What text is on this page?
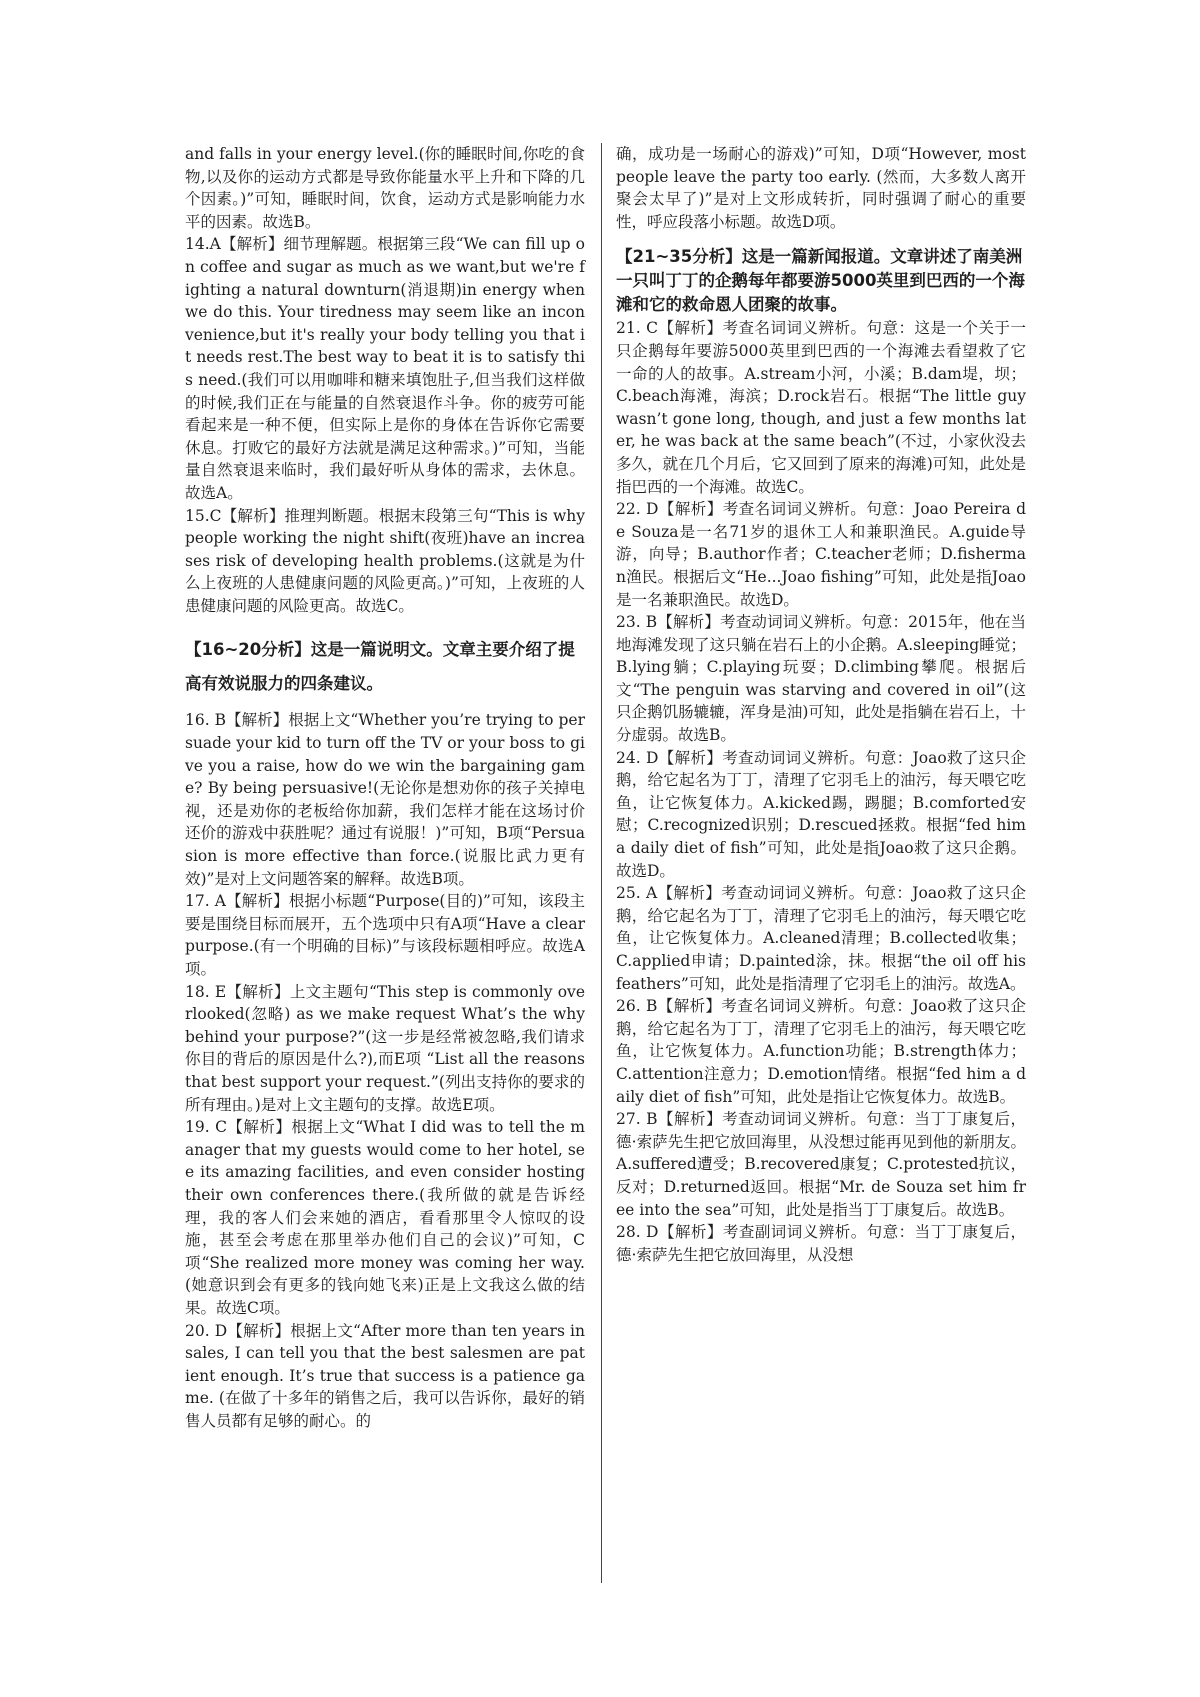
and falls in your energy level.(你的睡眠时间,你吃的食物,以及你的运动方式都是导致你能量水平上升和下降的几个因素。)”可知，睡眠时间，饮食，运动方式是影响能力水平的因素。故选B。

14.A【解析】细节理解题。根据第三段“We can fill up on coffee and sugar as much as we want,but we're fighting a natural downturn(消退期)in energy when we do this. Your tiredness may seem like an inconvenience,but it's really your body telling you that it needs rest.The best way to beat it is to satisfy this need.(我们可以用咖啡和糖来填饱肚子,但当我们这样做的时候,我们正在与能量的自然衰退作斗争。你的疲劳可能看起来是一种不便，但实际上是你的身体在告诉你它需要休息。打败它的最好方法就是满足这种需求。)”可知，当能量自然衰退来临时，我们最好听从身体的需求，去休息。故选A。

15.C【解析】推理判断题。根据末段第三句“This is why people working the night shift(夜班)have an increases risk of developing health problems.(这就是为什么上夜班的人患健康问题的风险更高。)”可知，上夜班的人患健康问题的风险更高。故选C。

【16~20分析】这是一篇说明文。文章主要介绍了提高有效说服力的四条建议。

16. B【解析】根据上文“Whether you’re trying to persuade your kid to turn off the TV or your boss to give you a raise, how do we win the bargaining game? By being persuasive!(无论你是想劝你的孩子关掉电视，还是劝你的老板给你加薪，我们怎样才能在这场讨价还价的游戏中获胜呢？通过有说服！)”可知，B项“Persuasion is more effective than force.(说服比武力更有效)”是对上文问题答案的解释。故选B项。

17. A【解析】根据小标题“Purpose(目的)”可知，该段主要是围绕目标而展开，五个选项中只有A项“Have a clear purpose.(有一个明确的目标)”与该段标题相呼应。故选A项。

18. E【解析】上文主题句“This step is commonly overlooked(忽略) as we make request What’s the why behind your purpose?”(这一步是经常被忽略,我们请求你目的背后的原因是什么?),而E项 “List all the reasons that best support your request.”(列出支持你的要求的所有理由。)是对上文主题句的支撑。故选E项。

19. C【解析】根据上文“What I did was to tell the manager that my guests would come to her hotel, see its amazing facilities, and even consider hosting their own conferences there.(我所做的就是告诉经理，我的客人们会来她的酒店，看看那里令人惊叹的设施，甚至会考虑在那里举办他们自己的会议)”可知，C项“She realized more money was coming her way. (她意识到会有更多的钱向她飞来)正是上文我这么做的结果。故选C项。

20. D【解析】根据上文“After more than ten years in sales, I can tell you that the best salesmen are patient enough. It’s true that success is a patience game. (在做了十多年的销售之后，我可以告诉你，最好的销售人员都有足够的耐心。的

确，成功是一场耐心的游戏)”可知，D项“However, most people leave the party too early. (然而，大多数人离开聚会太早了)”是对上文形成转折，同时强调了耐心的重要性，呼应段落小标题。故选D项。

【21~35分析】这是一篇新闻报道。文章讲述了南美洲一只叫丁丁的企鹅每年都要游5000英里到巴西的一个海滩和它的救命恩人团聚的故事。

21. C【解析】考查名词词义辨析。句意：这是一个关于一只企鹅每年要游5000英里到巴西的一个海滩去看望救了它一命的人的故事。A.stream小河，小溪；B.dam堤，坝；C.beach海滩，海滨；D.rock岩石。根据“The little guy wasn’t gone long, though, and just a few months later, he was back at the same beach”(不过，小家伙没去多久，就在几个月后，它又回到了原来的海滩)可知，此处是指巴西的一个海滩。故选C。

22. D【解析】考查名词词义辨析。句意：Joao Pereira de Souza是一名71岁的退休工人和兼职渔民。A.guide导游，向导；B.author作者；C.teacher老师；D.fisherman渔民。根据后文“He...Joao fishing”可知，此处是指Joao是一名兼职渔民。故选D。

23. B【解析】考查动词词义辨析。句意：2015年，他在当地海滩发现了这只躺在岩石上的小企鹅。A.sleeping睡觉；B.lying躺；C.playing玩耍；D.climbing攀爬。根据后文“The penguin was starving and covered in oil”(这只企鹅饥肠辘辘，浑身是油)可知，此处是指躺在岩石上，十分虚弱。故选B。

24. D【解析】考查动词词义辨析。句意：Joao救了这只企鹅，给它起名为丁丁，清理了它羽毛上的油污，每天喂它吃鱼，让它恢复体力。A.kicked踢，踢腿；B.comforted安慰；C.recognized识别；D.rescued拯救。根据“fed him a daily diet of fish”可知，此处是指Joao救了这只企鹅。故选D。

25. A【解析】考查动词词义辨析。句意：Joao救了这只企鹅，给它起名为丁丁，清理了它羽毛上的油污，每天喂它吃鱼，让它恢复体力。A.cleaned清理；B.collected收集；C.applied申请；D.painted涂，抹。根据“the oil off his feathers”可知，此处是指清理了它羽毛上的油污。故选A。

26. B【解析】考查名词词义辨析。句意：Joao救了这只企鹅，给它起名为丁丁，清理了它羽毛上的油污，每天喂它吃鱼，让它恢复体力。A.function功能；B.strength体力；C.attention注意力；D.emotion情绪。根据“fed him a daily diet of fish”可知，此处是指让它恢复体力。故选B。

27. B【解析】考查动词词义辨析。句意：当丁丁康复后，德·索萨先生把它放回海里，从没想过能再见到他的新朋友。A.suffered遭受；B.recovered康复；C.protested抗议，反对；D.returned返回。根据“Mr. de Souza set him free into the sea”可知，此处是指当丁丁康复后。故选B。

28. D【解析】考查副词词义辨析。句意：当丁丁康复后，德·索萨先生把它放回海里，从没想
